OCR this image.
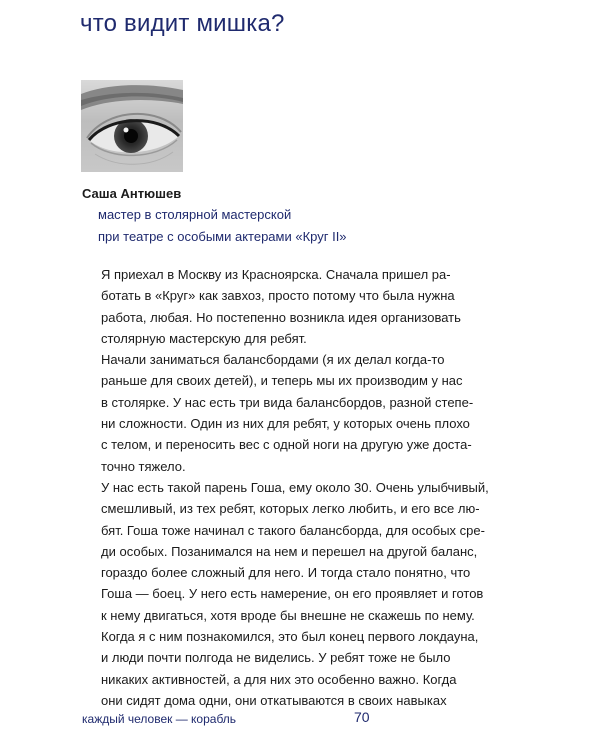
что видит мишка?
Саша Антюшев
мастер в столярной мастерской
при театре с особыми актерами «Круг II»
Я приехал в Москву из Красноярска. Сначала пришел ра-
ботать в «Круг» как завхоз, просто потому что была нужна
работа, любая. Но постепенно возникла идея организовать
столярную мастерскую для ребят.
Начали заниматься балансбордами (я их делал когда-то
раньше для своих детей), и теперь мы их производим у нас
в столярке. У нас есть три вида балансбордов, разной степе-
ни сложности. Один из них для ребят, у которых очень плохо
с телом, и переносить вес с одной ноги на другую уже доста-
точно тяжело.
У нас есть такой парень Гоша, ему около 30. Очень улыбчивый,
смешливый, из тех ребят, которых легко любить, и его все лю-
бят. Гоша тоже начинал с такого балансборда, для особых сре-
ди особых. Позанимался на нем и перешел на другой баланс,
гораздо более сложный для него. И тогда стало понятно, что
Гоша — боец. У него есть намерение, он его проявляет и готов
к нему двигаться, хотя вроде бы внешне не скажешь по нему.
Когда я с ним познакомился, это был конец первого локдауна,
и люди почти полгода не виделись. У ребят тоже не было
никаких активностей, а для них это особенно важно. Когда
они сидят дома одни, они откатываются в своих навыках
каждый человек — корабль	70
